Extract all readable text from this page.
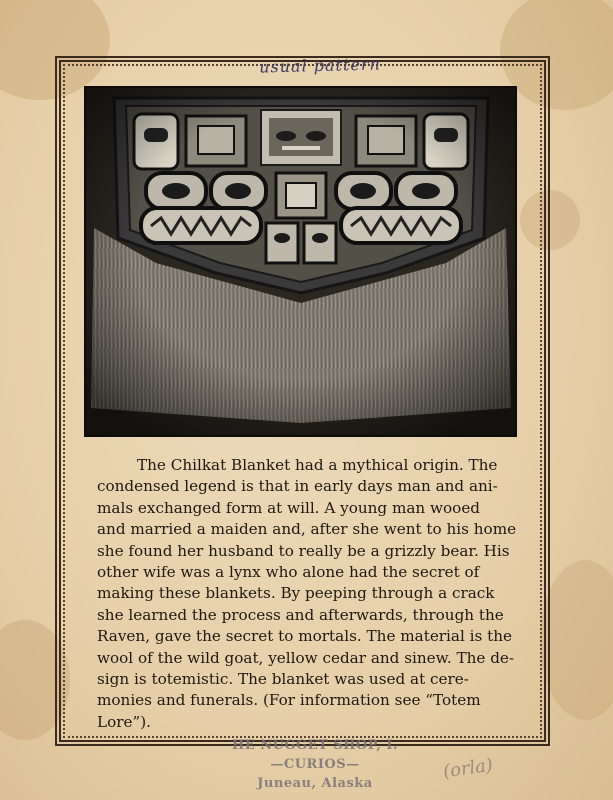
usual pattern
The Chilkat Blanket had a mythical origin. The
condensed legend is that in early days man and ani-
mals exchanged form at will. A young man wooed
and married a maiden and, after she went to his home
she found her husband to really be a grizzly bear. His
other wife was a lynx who alone had the secret of
making these blankets. By peeping through a crack
she learned the process and afterwards, through the
Raven, gave the secret to mortals. The material is the
wool of the wild goat, yellow cedar and sinew. The de-
sign is totemistic. The blanket was used at cere-
monies and funerals. (For information see “Totem
Lore”).
HE NUGGET SHOP, I.
—CURIOS—
Juneau, Alaska
(orla)
